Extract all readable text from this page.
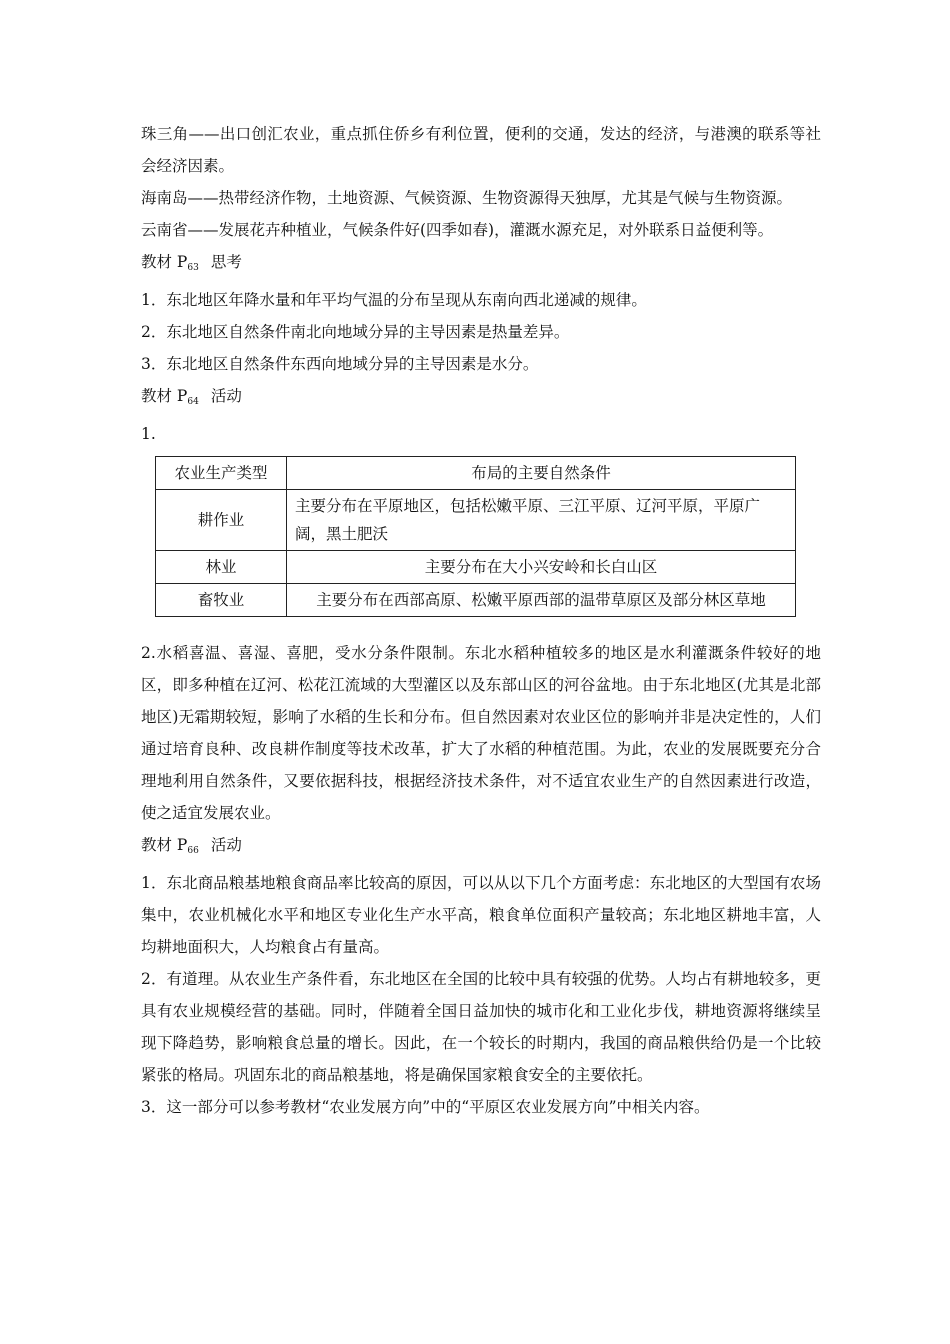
珠三角——出口创汇农业，重点抓住侨乡有利位置，便利的交通，发达的经济，与港澳的联系等社会经济因素。

海南岛——热带经济作物，土地资源、气候资源、生物资源得天独厚，尤其是气候与生物资源。

云南省——发展花卉种植业，气候条件好(四季如春)，灌溉水源充足，对外联系日益便利等。

教材 $P_{63}$ 思考

1．东北地区年降水量和年平均气温的分布呈现从东南向西北递减的规律。

2．东北地区自然条件南北向地域分异的主导因素是热量差异。

3．东北地区自然条件东西向地域分异的主导因素是水分。

教材 $P_{64}$ 活动

1.

农业生产类型	布局的主要自然条件
耕作业	主要分布在平原地区，包括松嫩平原、三江平原、辽河平原，平原广阔，黑土肥沃
林业	主要分布在大小兴安岭和长白山区
畜牧业	主要分布在西部高原、松嫩平原西部的温带草原区及部分林区草地

2.水稻喜温、喜湿、喜肥，受水分条件限制。东北水稻种植较多的地区是水利灌溉条件较好的地区，即多种植在辽河、松花江流域的大型灌区以及东部山区的河谷盆地。由于东北地区(尤其是北部地区)无霜期较短，影响了水稻的生长和分布。但自然因素对农业区位的影响并非是决定性的，人们通过培育良种、改良耕作制度等技术改革，扩大了水稻的种植范围。为此，农业的发展既要充分合理地利用自然条件，又要依据科技，根据经济技术条件，对不适宜农业生产的自然因素进行改造，使之适宜发展农业。

教材 $P_{66}$ 活动

1．东北商品粮基地粮食商品率比较高的原因，可以从以下几个方面考虑：东北地区的大型国有农场集中，农业机械化水平和地区专业化生产水平高，粮食单位面积产量较高；东北地区耕地丰富，人均耕地面积大，人均粮食占有量高。

2．有道理。从农业生产条件看，东北地区在全国的比较中具有较强的优势。人均占有耕地较多，更具有农业规模经营的基础。同时，伴随着全国日益加快的城市化和工业化步伐，耕地资源将继续呈现下降趋势，影响粮食总量的增长。因此，在一个较长的时期内，我国的商品粮供给仍是一个比较紧张的格局。巩固东北的商品粮基地，将是确保国家粮食安全的主要依托。

3．这一部分可以参考教材“农业发展方向”中的“平原区农业发展方向”中相关内容。
